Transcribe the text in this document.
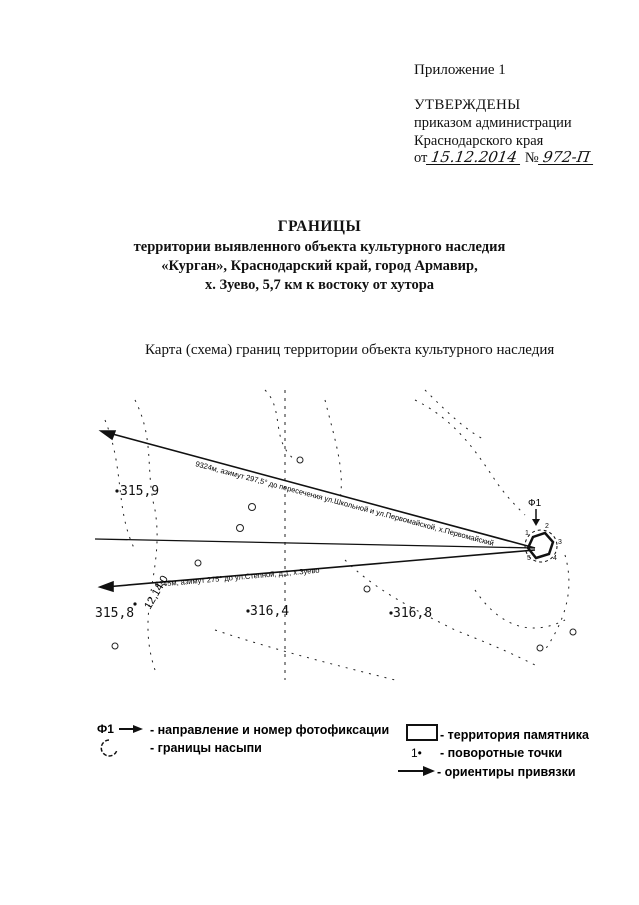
Приложение 1
УТВЕРЖДЕНЫ
приказом администрации
Краснодарского края
от 15.12.2014 № 972-П
ГРАНИЦЫ
территории выявленного объекта культурного наследия
«Курган», Краснодарский край, город Армавир,
х. Зуево, 5,7 км к востоку от хутора
Карта (схема) границ территории объекта культурного наследия
9324м, азимут 297,5° до пересечения ул.Школьной и ул.Первомайской, х.Первомайский
6345м, азимут 275° до ул.Степной, д.1, х.Зуево
1
2
3
4
5
Ф1
315,9
315,8	316,4	316,8
12,14,0
Ф1	- направление и номер фотофиксации
- границы насыпи
- территория памятника
1• - поворотные точки
- ориентиры привязки
